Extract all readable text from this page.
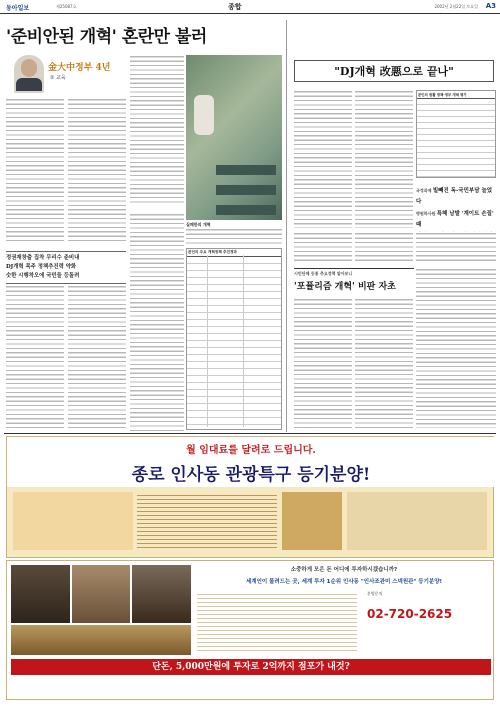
동아일보	제25087호	종합	2002년 2월22일 토요일 A3
'준비안된 개혁' 혼란만 불러
金大中정부 4년
② 교육
실패한의 개혁
정권재창출 집착 무리수 준비내
DJ개혁 목주 정책추진력 약화
숫한 시행착오에 국민들 등돌려
본인의 주요 개혁정책 추진경과
"DJ개혁 改悪으로 끝나"
본인의 원활 정책-정부 개혁 평가
국정과제 빌빼진 독-국민부담 늘었다
병원하사원 특혜 남발 '계이트 손질' 때
시민단체 등통 추요정책 알아보니
'포퓰리즘 개혁' 비판 자초
월 임대료를 달려로 드립니다.
종로 인사동 관광특구 등기분양!
소중하게 모은 돈 어디에 투자하시겠습니까?
세계인이 몰려드는 곳, 세계 투자 1순위 인사동 "인사조관미 스넥원관" 등기분양!
단돈, 5,000만원에 투자로 2억까지 점포가 내것?
분양문의
02-720-2625
